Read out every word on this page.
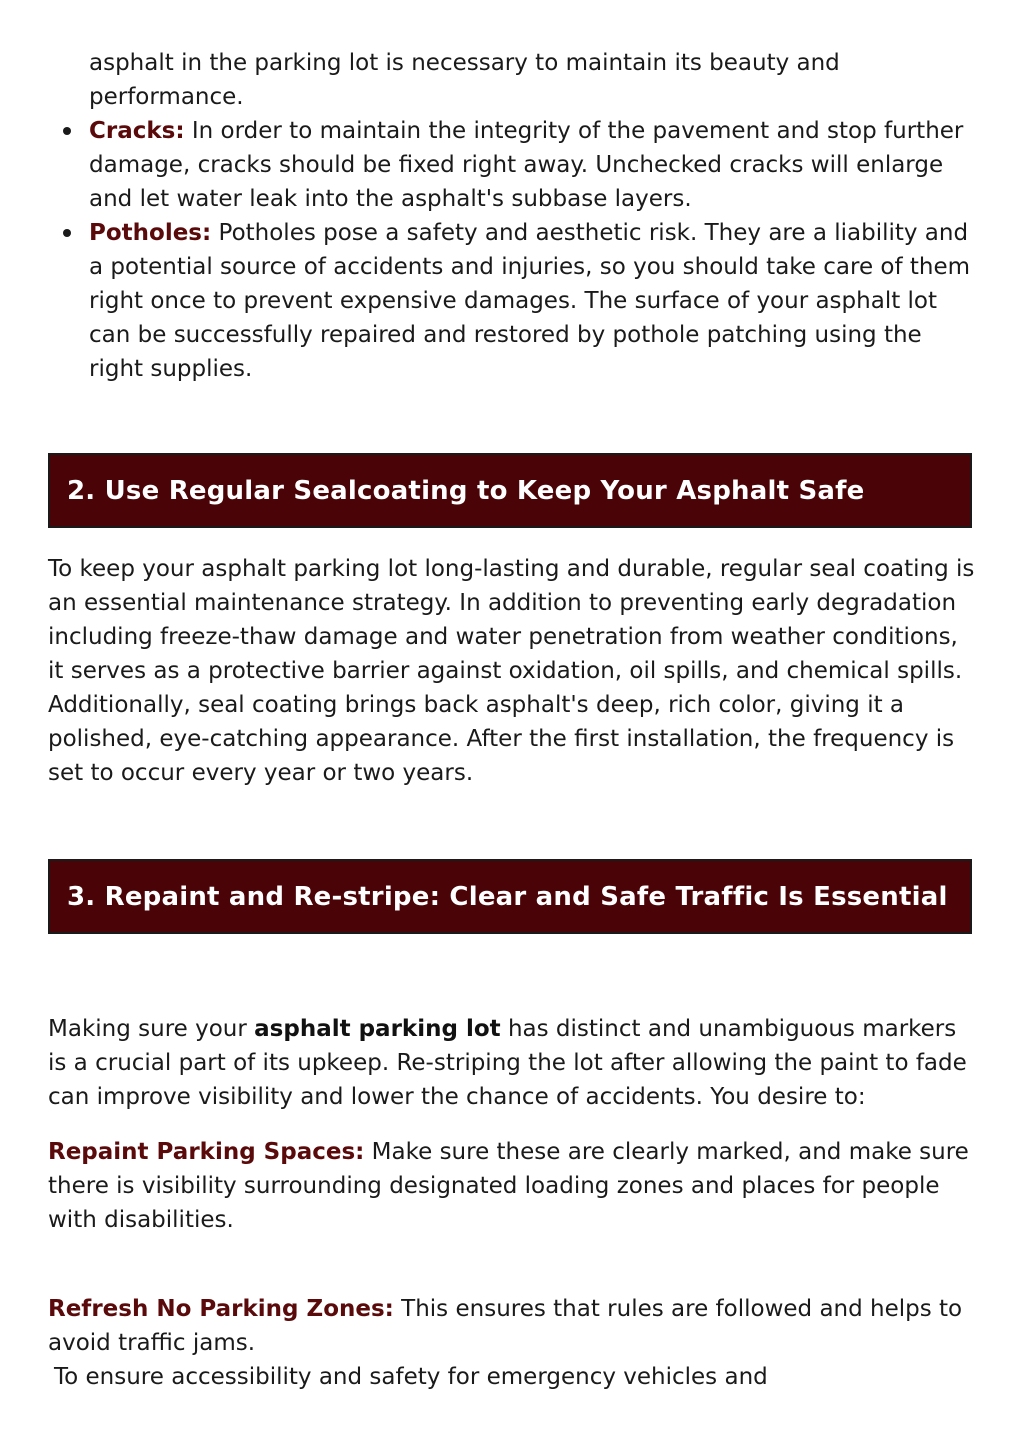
asphalt in the parking lot is necessary to maintain its beauty and performance.
Cracks: In order to maintain the integrity of the pavement and stop further damage, cracks should be fixed right away. Unchecked cracks will enlarge and let water leak into the asphalt's subbase layers.
Potholes: Potholes pose a safety and aesthetic risk. They are a liability and a potential source of accidents and injuries, so you should take care of them right once to prevent expensive damages. The surface of your asphalt lot can be successfully repaired and restored by pothole patching using the right supplies.
2. Use Regular Sealcoating to Keep Your Asphalt Safe

To keep your asphalt parking lot long-lasting and durable, regular seal coating is an essential maintenance strategy. In addition to preventing early degradation including freeze-thaw damage and water penetration from weather conditions, it serves as a protective barrier against oxidation, oil spills, and chemical spills. Additionally, seal coating brings back asphalt's deep, rich color, giving it a polished, eye-catching appearance. After the first installation, the frequency is set to occur every year or two years.

3. Repaint and Re-stripe: Clear and Safe Traffic Is Essential

Making sure your asphalt parking lot has distinct and unambiguous markers is a crucial part of its upkeep. Re-striping the lot after allowing the paint to fade can improve visibility and lower the chance of accidents. You desire to:

Repaint Parking Spaces: Make sure these are clearly marked, and make sure there is visibility surrounding designated loading zones and places for people with disabilities.

Refresh No Parking Zones: This ensures that rules are followed and helps to avoid traffic jams.

To ensure accessibility and safety for emergency vehicles and
